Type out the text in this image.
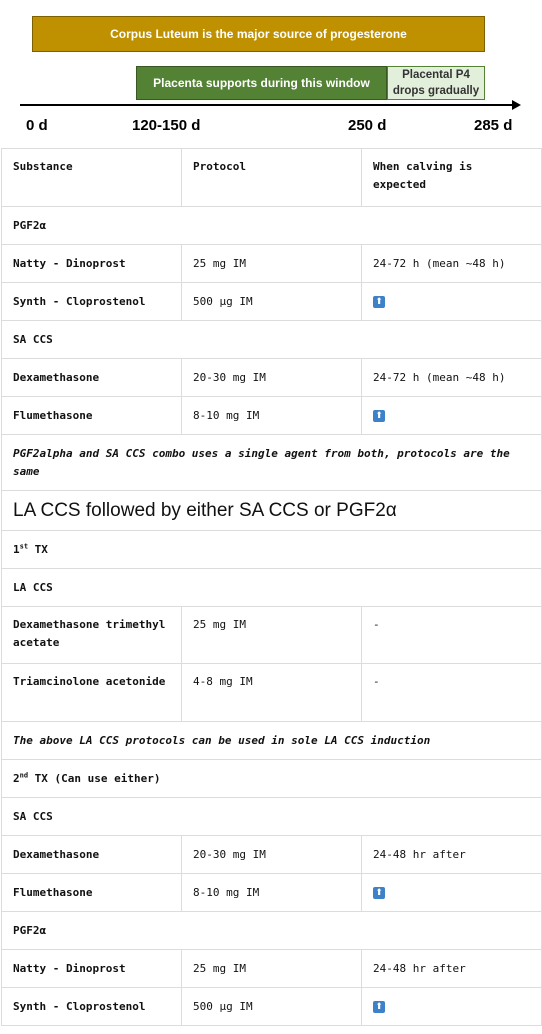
Corpus Luteum is the major source of progesterone
Placenta supports during this window
Placental P4
drops gradually
0 d	120-150 d	250 d	285 d
Substance	Protocol	When calving is expected
PGF2α		
Natty - Dinoprost	25 mg IM	24-72 h (mean ~48 h)
Synth - Cloprostenol	500 µg IM	⬆
SA CCS		
Dexamethasone	20-30 mg IM	24-72 h (mean ~48 h)
Flumethasone	8-10 mg IM	⬆
PGF2alpha and SA CCS combo uses a single agent from both, protocols are the same		
LA CCS followed by either SA CCS or PGF2α		
1st TX		
LA CCS		
Dexamethasone trimethyl acetate	25 mg IM	-
Triamcinolone acetonide	4-8 mg IM	-
The above LA CCS protocols can be used in sole LA CCS induction		
2nd TX (Can use either)		
SA CCS		
Dexamethasone	20-30 mg IM	24-48 hr after
Flumethasone	8-10 mg IM	⬆
PGF2α		
Natty - Dinoprost	25 mg IM	24-48 hr after
Synth - Cloprostenol	500 µg IM	⬆
